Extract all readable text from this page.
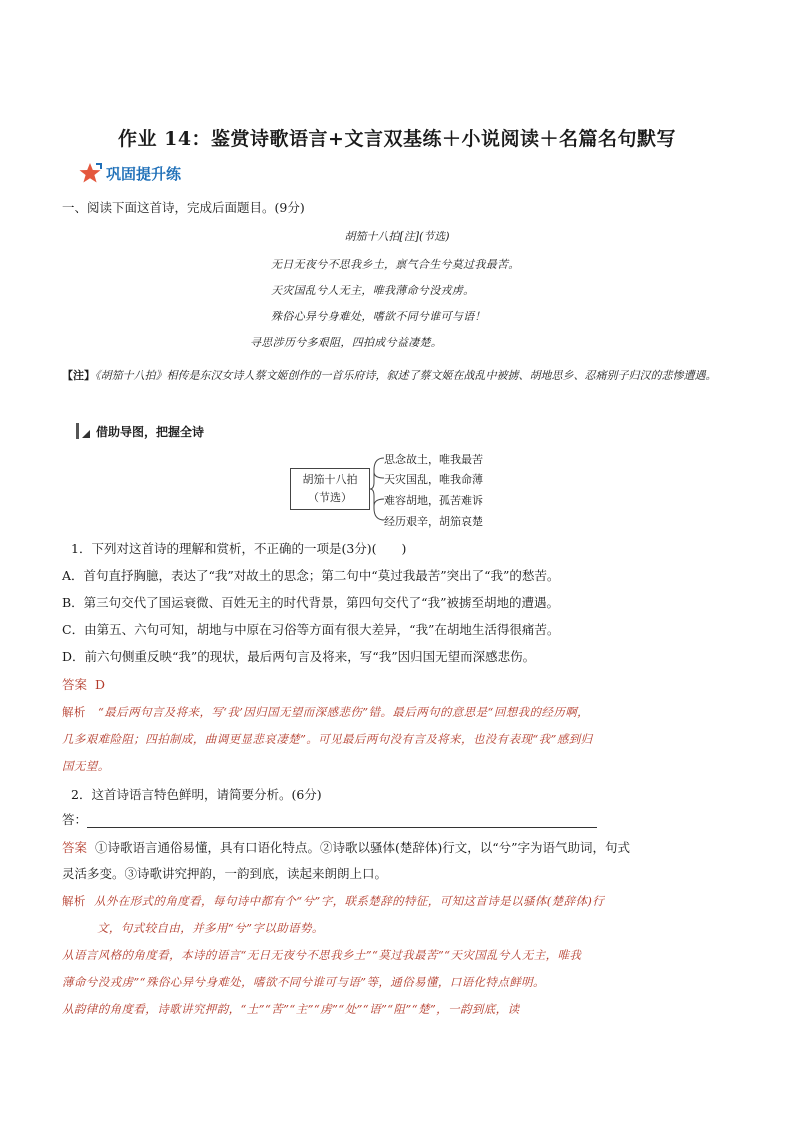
作业 14：鉴赏诗歌语言+文言双基练＋小说阅读＋名篇名句默写
巩固提升练
一、阅读下面这首诗，完成后面题目。(9分)
胡笳十八拍[注](节选)
无日无夜兮不思我乡土，禀气合生兮莫过我最苦。
天灾国乱兮人无主，唯我薄命兮没戎虏。
殊俗心异兮身难处，嗜欲不同兮谁可与语！
寻思涉历兮多艰阻，四拍成兮益凄楚。
【注】《胡笳十八拍》相传是东汉女诗人蔡文姬创作的一首乐府诗，叙述了蔡文姬在战乱中被掳、胡地思乡、忍痛别子归汉的悲惨遭遇。
借助导图，把握全诗
胡笳十八拍
（节选）
思念故土，唯我最苦
天灾国乱，唯我命薄
难容胡地，孤苦难诉
经历艰辛，胡笳哀楚
1．下列对这首诗的理解和赏析，不正确的一项是(3分)(　　)
A．首句直抒胸臆，表达了“我”对故土的思念；第二句中“莫过我最苦”突出了“我”的愁苦。
B．第三句交代了国运衰微、百姓无主的时代背景，第四句交代了“我”被掳至胡地的遭遇。
C．由第五、六句可知，胡地与中原在习俗等方面有很大差异，“我”在胡地生活得很痛苦。
D．前六句侧重反映“我”的现状，最后两句言及将来，写“我”因归国无望而深感悲伤。
答案 D
解析 “最后两句言及将来，写‘我’因归国无望而深感悲伤”错。最后两句的意思是“回想我的经历啊，
几多艰难险阻；四拍制成，曲调更显悲哀凄楚”。可见最后两句没有言及将来，也没有表现“我”感到归
国无望。
2．这首诗语言特色鲜明，请简要分析。(6分)
答：
答案 ①诗歌语言通俗易懂，具有口语化特点。②诗歌以骚体(楚辞体)行文，以“兮”字为语气助词，句式
灵活多变。③诗歌讲究押韵，一韵到底，读起来朗朗上口。
解析 从外在形式的角度看，每句诗中都有个“兮”字，联系楚辞的特征，可知这首诗是以骚体(楚辞体)行
文，句式较自由，并多用“兮”字以助语势。
从语言风格的角度看，本诗的语言“无日无夜兮不思我乡土”“莫过我最苦”“天灾国乱兮人无主，唯我
薄命兮没戎虏”“殊俗心异兮身难处，嗜欲不同兮谁可与语”等，通俗易懂，口语化特点鲜明。
从韵律的角度看，诗歌讲究押韵，“土”“苦”“主”“虏”“处”“语”“阻”“楚”，一韵到底，读
